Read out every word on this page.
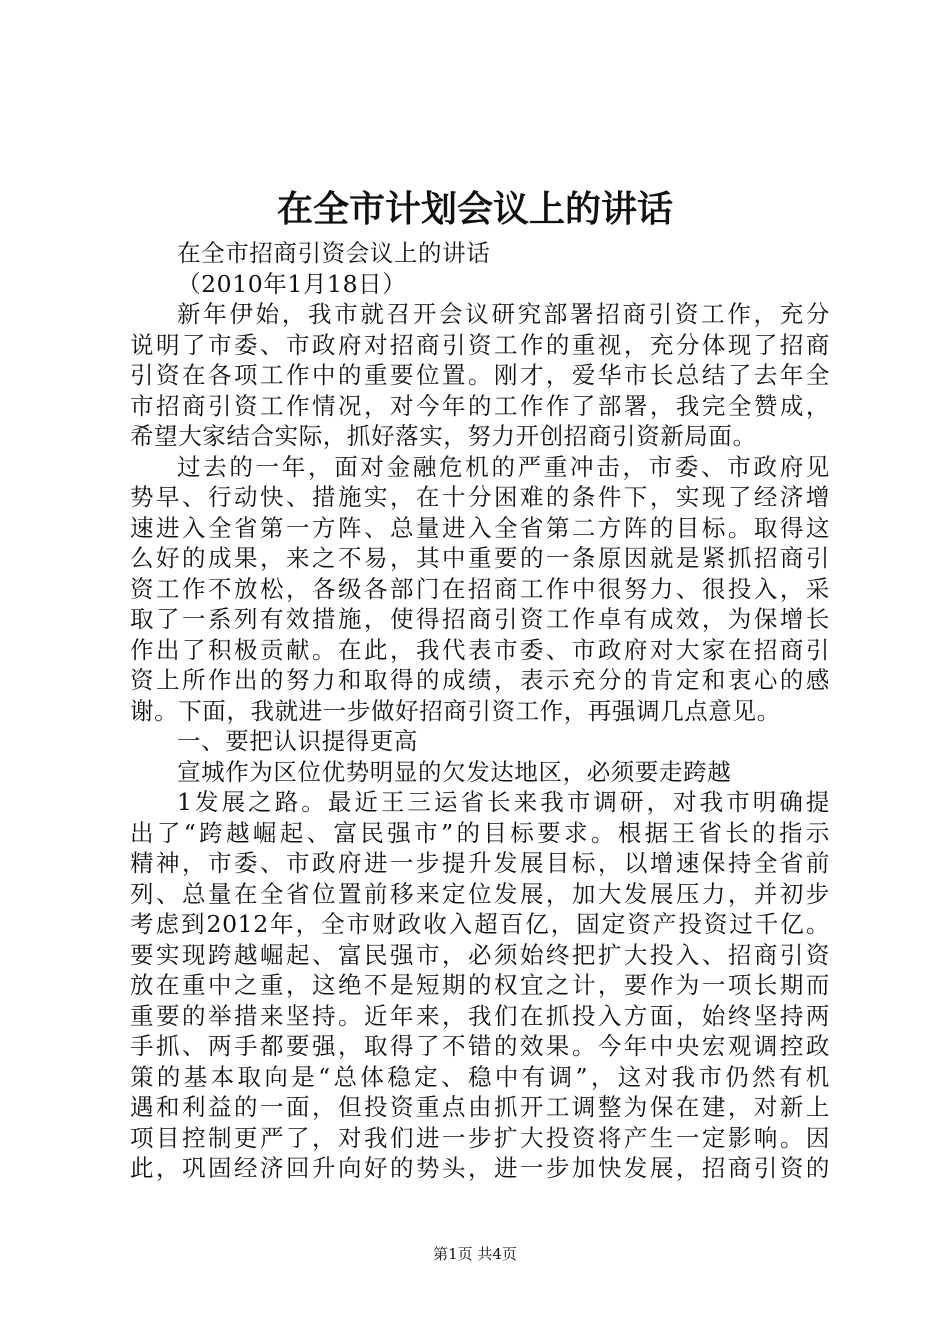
在全市计划会议上的讲话
在全市招商引资会议上的讲话
（2010年1月18日）
新年伊始，我市就召开会议研究部署招商引资工作，充分
说明了市委、市政府对招商引资工作的重视，充分体现了招商
引资在各项工作中的重要位置。刚才，爱华市长总结了去年全
市招商引资工作情况，对今年的工作作了部署，我完全赞成，
希望大家结合实际，抓好落实，努力开创招商引资新局面。
过去的一年，面对金融危机的严重冲击，市委、市政府见
势早、行动快、措施实，在十分困难的条件下，实现了经济增
速进入全省第一方阵、总量进入全省第二方阵的目标。取得这
么好的成果，来之不易，其中重要的一条原因就是紧抓招商引
资工作不放松，各级各部门在招商工作中很努力、很投入，采
取了一系列有效措施，使得招商引资工作卓有成效，为保增长
作出了积极贡献。在此，我代表市委、市政府对大家在招商引
资上所作出的努力和取得的成绩，表示充分的肯定和衷心的感
谢。下面，我就进一步做好招商引资工作，再强调几点意见。
一、要把认识提得更高
宣城作为区位优势明显的欠发达地区，必须要走跨越
1发展之路。最近王三运省长来我市调研，对我市明确提
出了“跨越崛起、富民强市”的目标要求。根据王省长的指示
精神，市委、市政府进一步提升发展目标，以增速保持全省前
列、总量在全省位置前移来定位发展，加大发展压力，并初步
考虑到2012年，全市财政收入超百亿，固定资产投资过千亿。
要实现跨越崛起、富民强市，必须始终把扩大投入、招商引资
放在重中之重，这绝不是短期的权宜之计，要作为一项长期而
重要的举措来坚持。近年来，我们在抓投入方面，始终坚持两
手抓、两手都要强，取得了不错的效果。今年中央宏观调控政
策的基本取向是“总体稳定、稳中有调”，这对我市仍然有机
遇和利益的一面，但投资重点由抓开工调整为保在建，对新上
项目控制更严了，对我们进一步扩大投资将产生一定影响。因
此，巩固经济回升向好的势头，进一步加快发展，招商引资的
第1页 共4页
